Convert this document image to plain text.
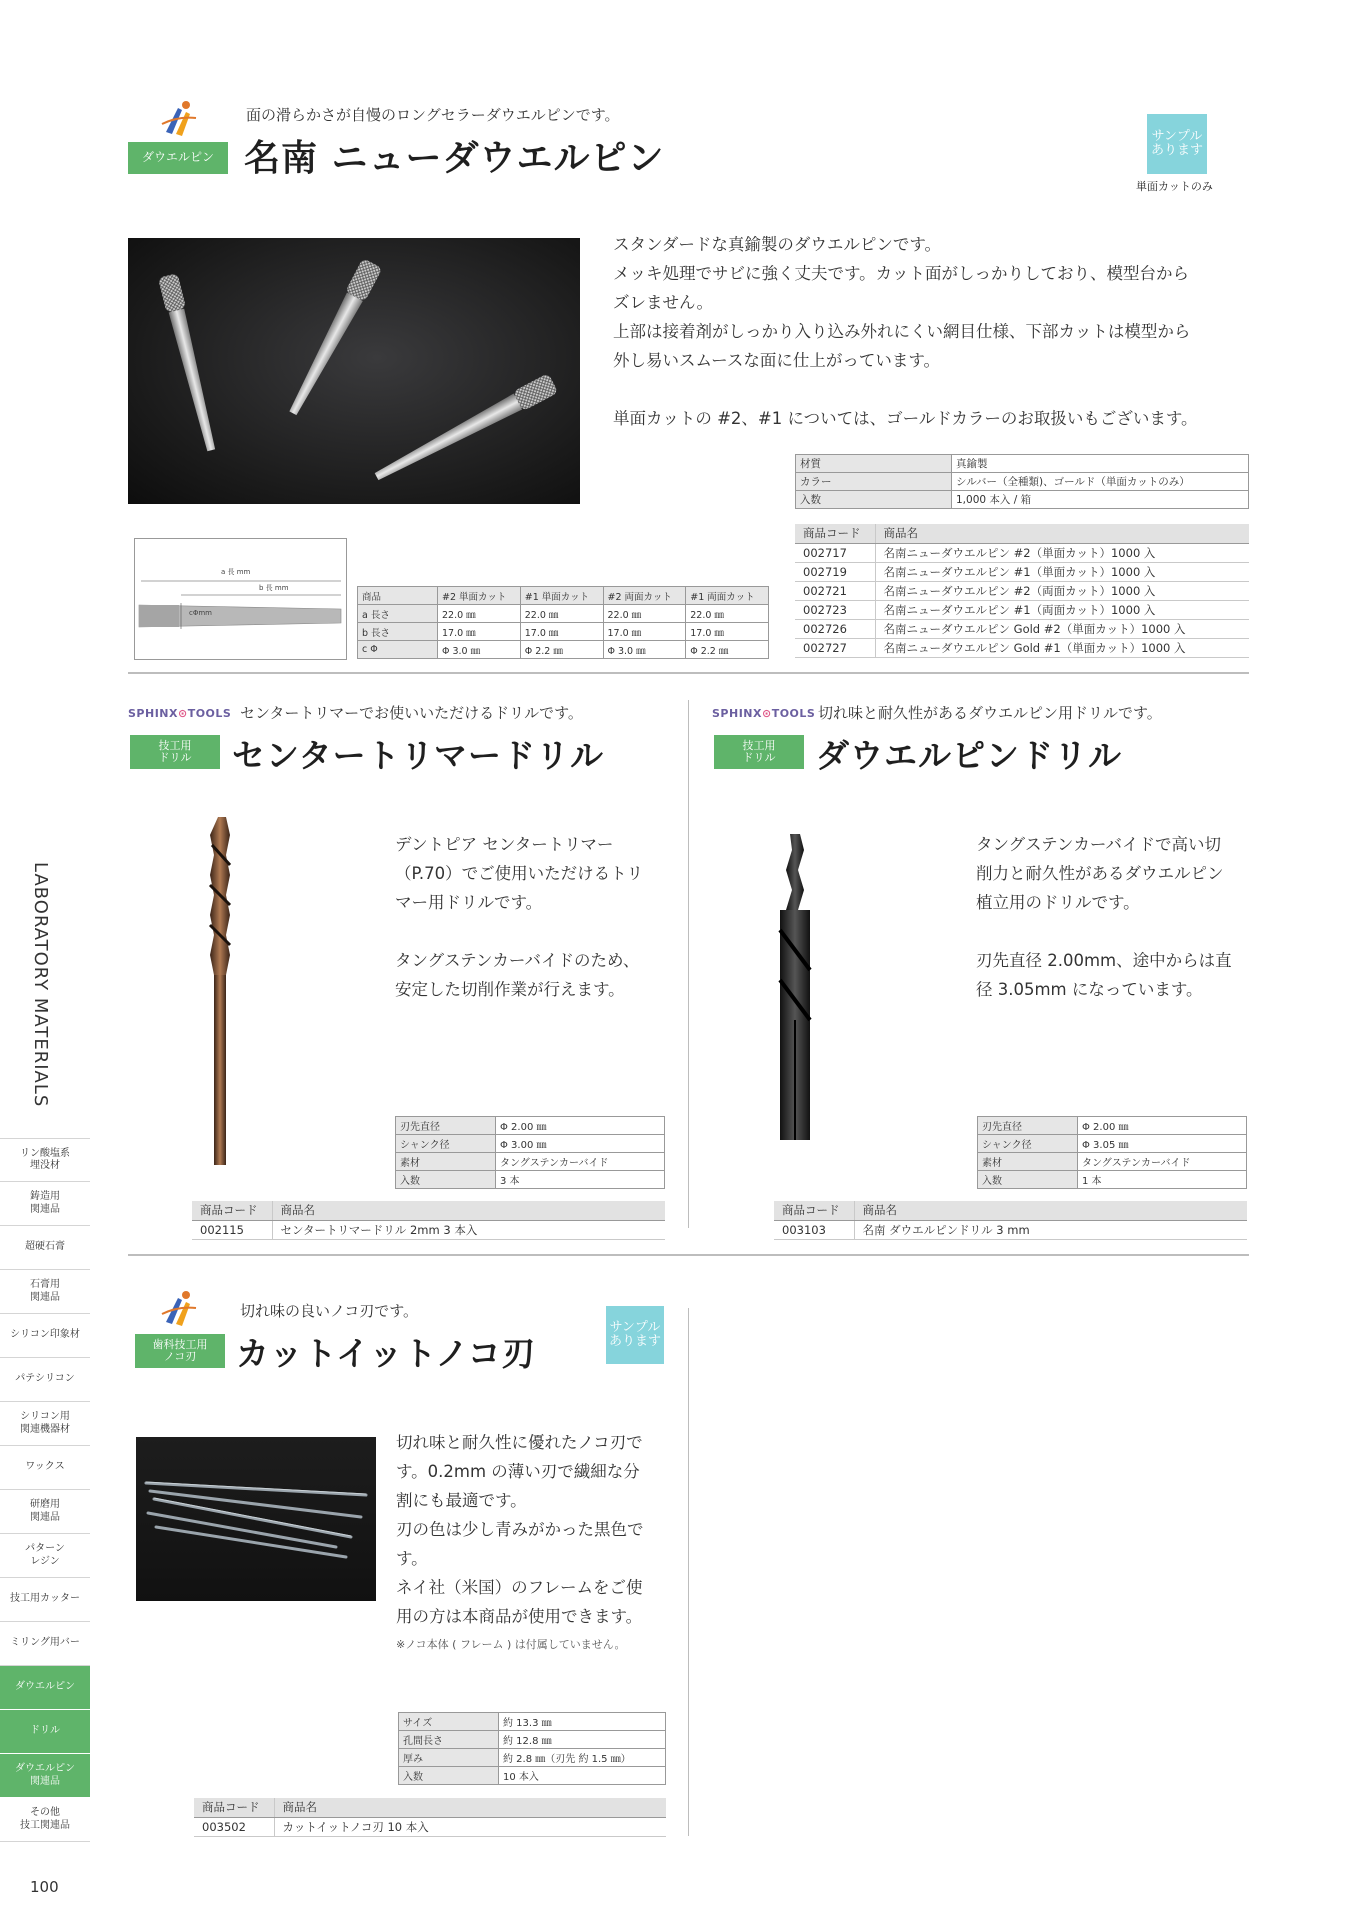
ダウエルピン
面の滑らかさが自慢のロングセラーダウエルピンです。
名南 ニューダウエルピン
サンプル
あります
単面カットのみ
スタンダードな真鍮製のダウエルピンです。
メッキ処理でサビに強く丈夫です。カット面がしっかりしており、模型台から
ズレません。
上部は接着剤がしっかり入り込み外れにくい網目仕様、下部カットは模型から
外し易いスムースな面に仕上がっています。
単面カットの #2、#1 については、ゴールドカラーのお取扱いもございます。
材質	真鍮製
カラー	シルバー（全種類)、ゴールド（単面カットのみ）
入数	1,000 本入 / 箱
商品コード	商品名
002717	名南ニューダウエルピン #2（単面カット）1000 入
002719	名南ニューダウエルピン #1（単面カット）1000 入
002721	名南ニューダウエルピン #2（両面カット）1000 入
002723	名南ニューダウエルピン #1（両面カット）1000 入
002726	名南ニューダウエルピン Gold #2（単面カット）1000 入
002727	名南ニューダウエルピン Gold #1（単面カット）1000 入
a 長 mm
b 長 mm
cΦmm
商品	#2 単面カット	#1 単面カット	#2 両面カット	#1 両面カット
a 長さ	22.0 ㎜	22.0 ㎜	22.0 ㎜	22.0 ㎜
b 長さ	17.0 ㎜	17.0 ㎜	17.0 ㎜	17.0 ㎜
c Φ	Φ 3.0 ㎜	Φ 2.2 ㎜	Φ 3.0 ㎜	Φ 2.2 ㎜
SPHINX⊙TOOLS センタートリマーでお使いいただけるドリルです。
技工用
ドリル	センタートリマードリル
デントピア センタートリマー
（P.70）でご使用いただけるトリ
マー用ドリルです。
タングステンカーバイドのため、
安定した切削作業が行えます。
刃先直径	Φ 2.00 ㎜
シャンク径	Φ 3.00 ㎜
素材	タングステンカーバイド
入数	3 本
商品コード	商品名
002115	センタートリマードリル 2mm 3 本入
SPHINX⊙TOOLS 切れ味と耐久性があるダウエルピン用ドリルです。
技工用
ドリル	ダウエルピンドリル
タングステンカーバイドで高い切
削力と耐久性があるダウエルピン
植立用のドリルです。
刃先直径 2.00mm、途中からは直
径 3.05mm になっています。
刃先直径	Φ 2.00 ㎜
シャンク径	Φ 3.05 ㎜
素材	タングステンカーバイド
入数	1 本
商品コード	商品名
003103	名南 ダウエルピンドリル 3 mm
切れ味の良いノコ刃です。
歯科技工用
ノコ刃	カットイットノコ刃
サンプル
あります
切れ味と耐久性に優れたノコ刃で
す。0.2mm の薄い刃で繊細な分
割にも最適です。
刃の色は少し青みがかった黒色で
す。
ネイ社（米国）のフレームをご使
用の方は本商品が使用できます。
※ノコ本体 ( フレーム ) は付属していません。
サイズ	約 13.3 ㎜
孔間長さ	約 12.8 ㎜
厚み	約 2.8 ㎜（刃先 約 1.5 ㎜）
入数	10 本入
商品コード	商品名
003502	カットイットノコ刃 10 本入
LABORATORY MATERIALS
リン酸塩系
埋没材
鋳造用
関連品
超硬石膏
石膏用
関連品
シリコン印象材
パテシリコン
シリコン用
関連機器材
ワックス
研磨用
関連品
パターン
レジン
技工用カッター
ミリング用バー
ダウエルピン
ドリル
ダウエルピン
関連品
その他
技工関連品
100
